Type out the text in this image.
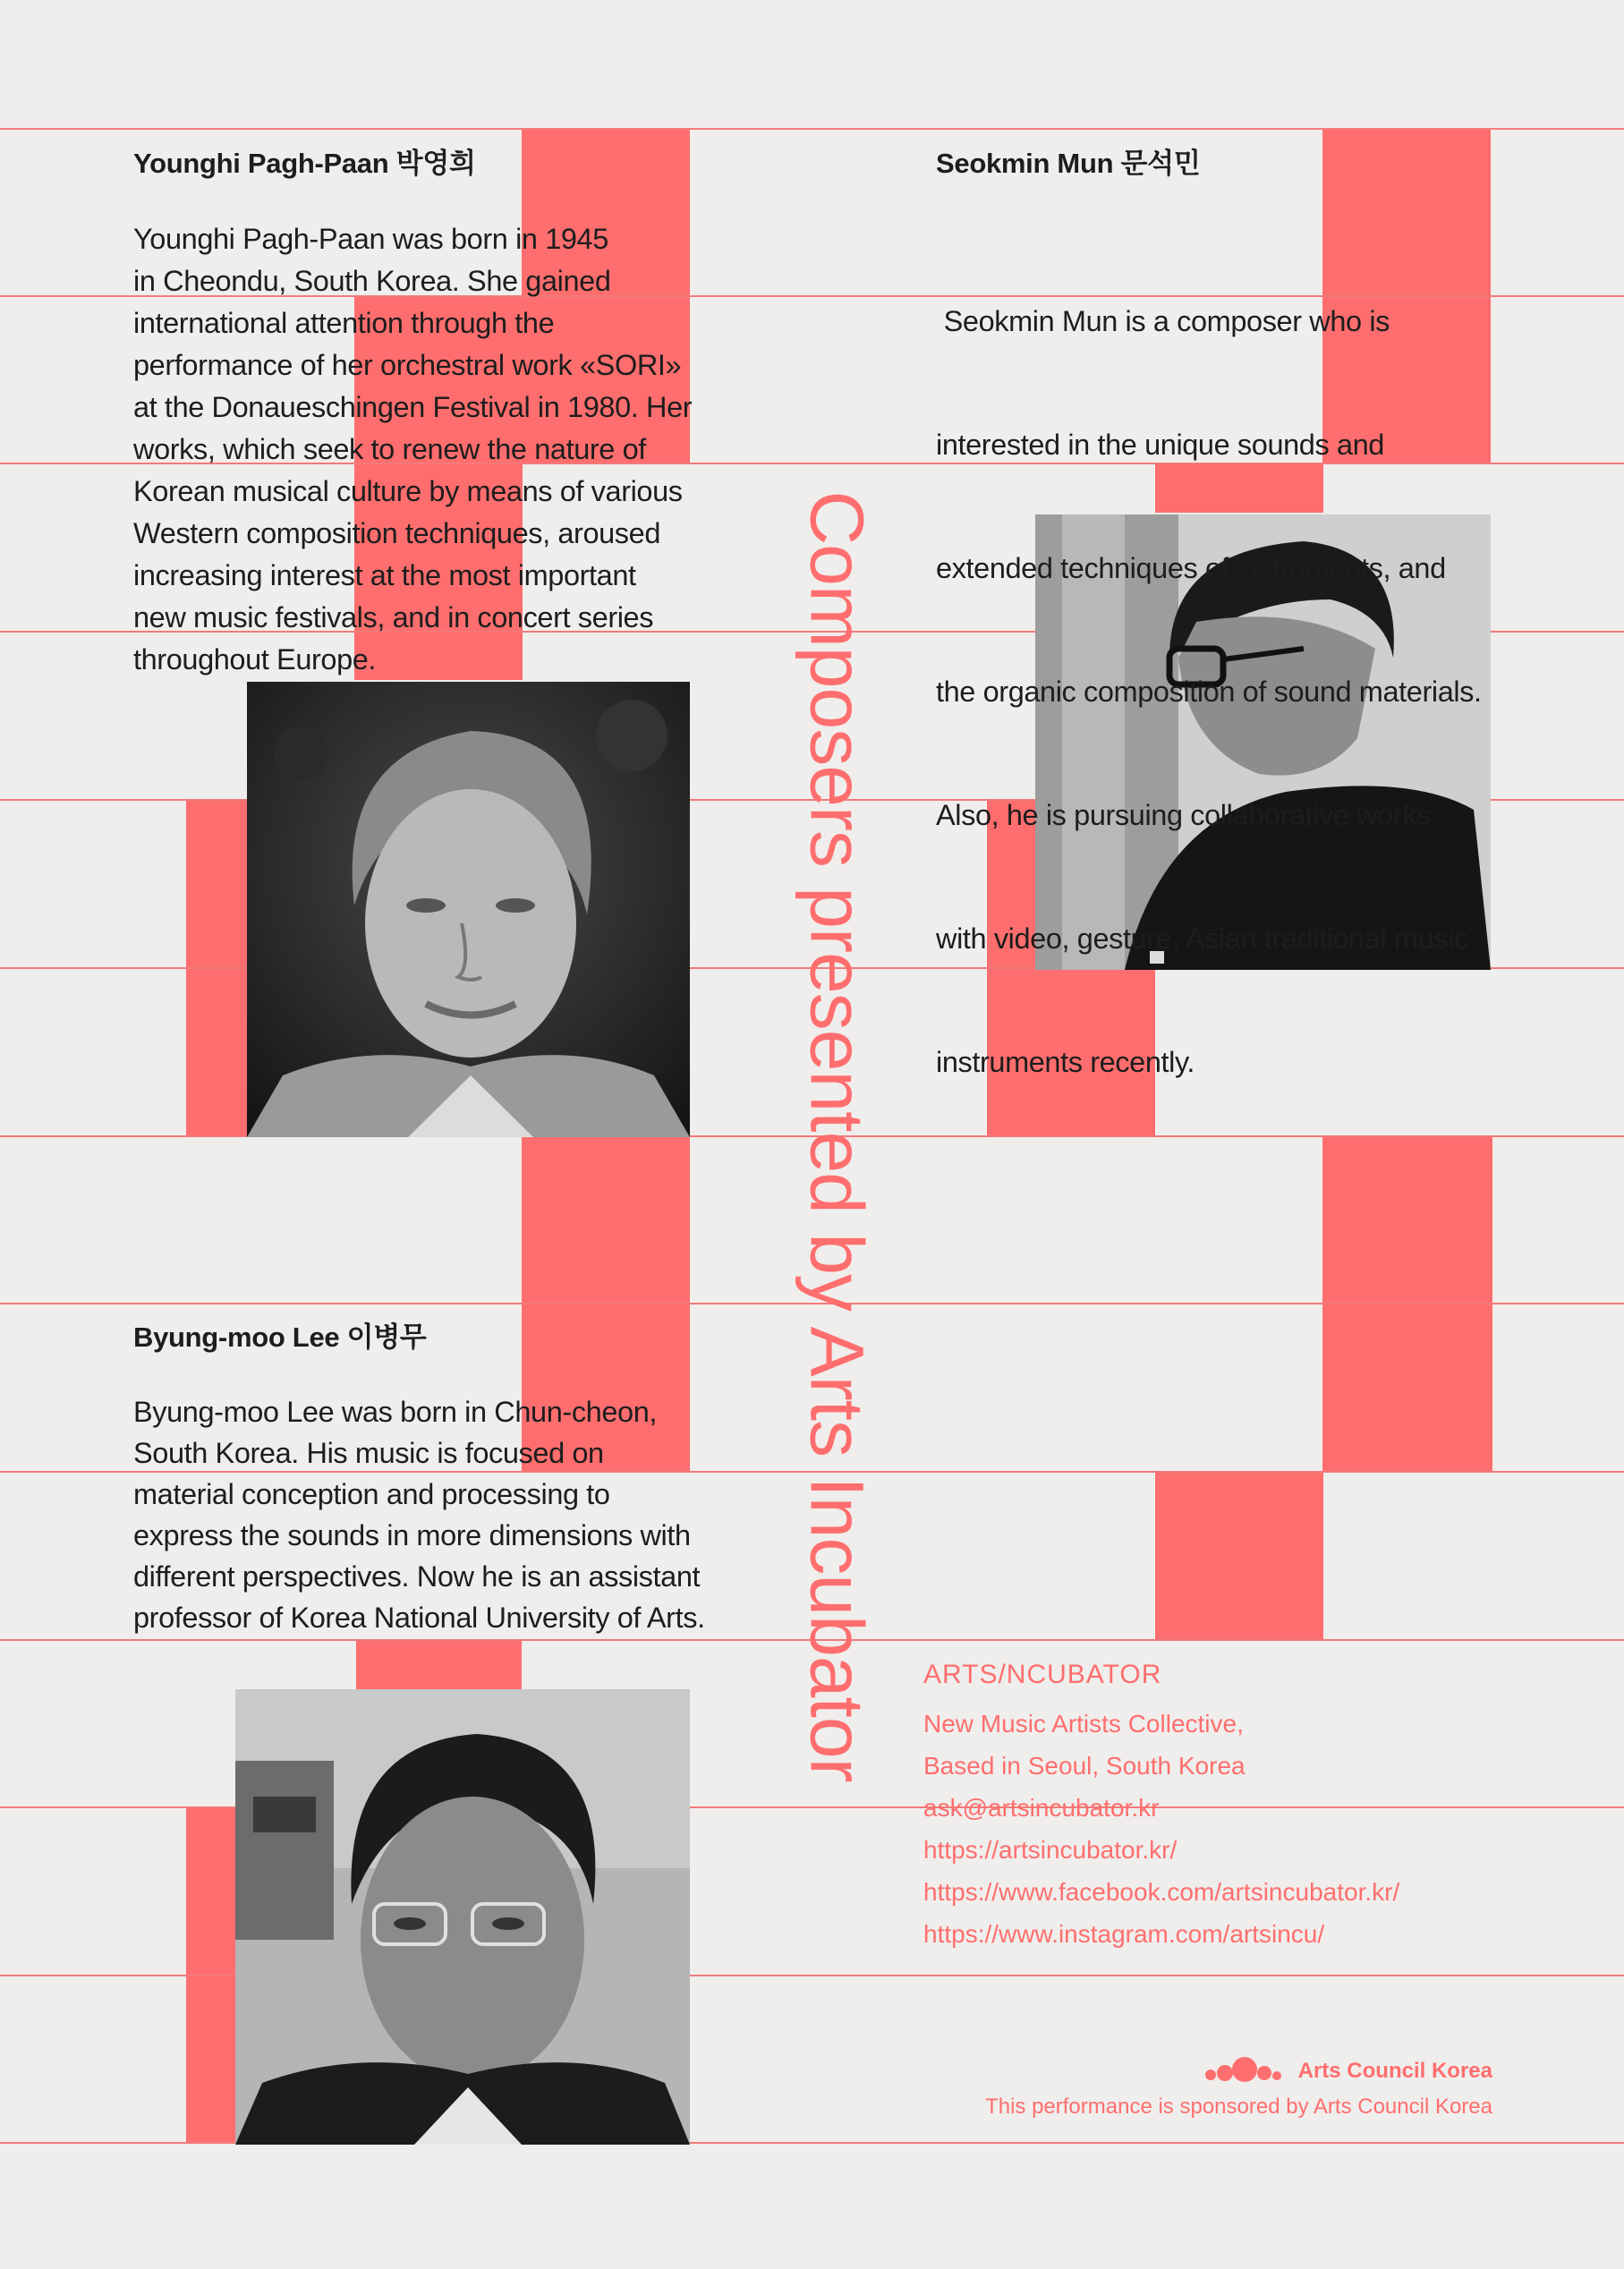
Younghi Pagh-Paan 박영희
Younghi Pagh-Paan was born in 1945
in Cheondu, South Korea. She gained
international attention through the
performance of her orchestral work «SORI»
at the Donaueschingen Festival in 1980. Her
works, which seek to renew the nature of
Korean musical culture by means of various
Western composition techniques, aroused
increasing interest at the most important
new music festivals, and in concert series
throughout Europe.
Seokmin Mun 문석민

Seokmin Mun is a composer who is

interested in the unique sounds and

extended techniques of instruments, and

the organic composition of sound materials.

Also, he is pursuing collaborative works

with video, gesture, Asian traditional music

instruments recently.

Byung-moo Lee 이병무
Byung-moo Lee was born in Chun-cheon,
South Korea. His music is focused on
material conception and processing to
express the sounds in more dimensions with
different perspectives. Now he is an assistant
professor of Korea National University of Arts. Composers presented by Arts Incubator ARTS/NCUBATOR
New Music Artists Collective,
Based in Seoul, South Korea
ask@artsincubator.kr
https://artsincubator.kr/
https://www.facebook.com/artsincubator.kr/
https://www.instagram.com/artsincu/
Arts Council Korea
This performance is sponsored by Arts Council Korea
